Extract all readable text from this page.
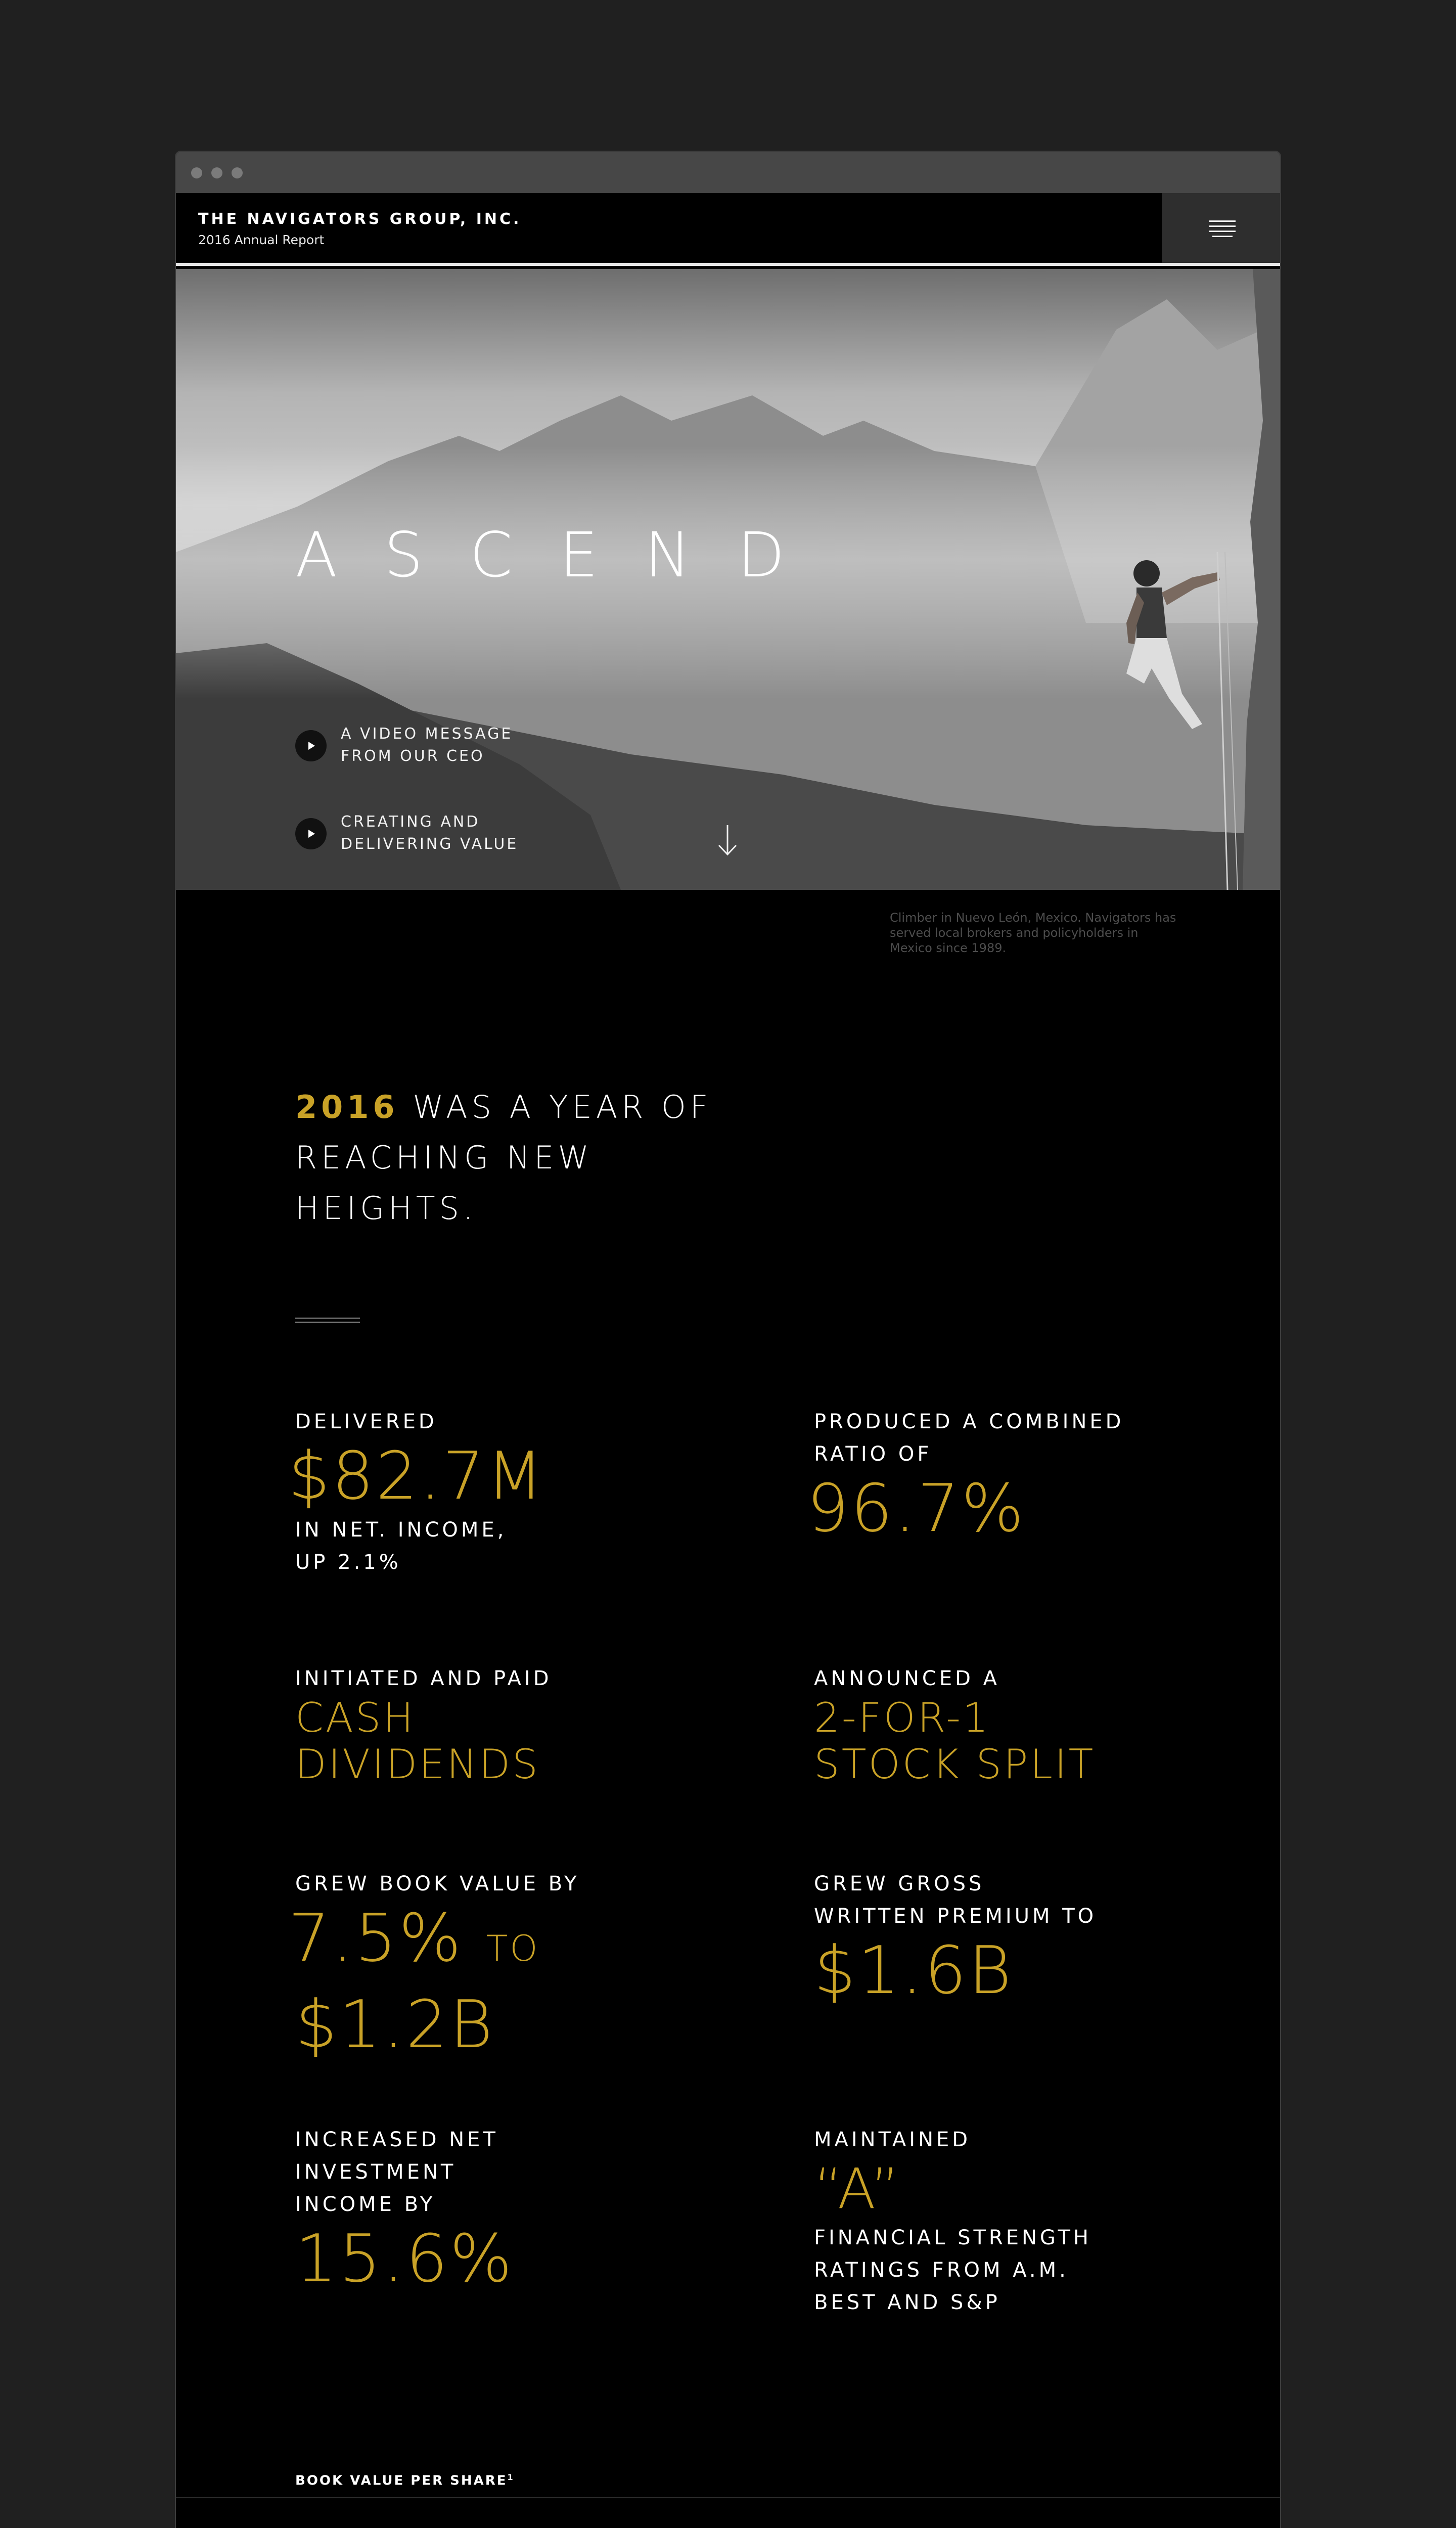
THE NAVIGATORS GROUP, INC.
2016 Annual Report
ASCEND
A VIDEO MESSAGE FROM OUR CEO
CREATING AND DELIVERING VALUE
Climber in Nuevo León, Mexico. Navigators has served local brokers and policyholders in Mexico since 1989.
2016 WAS A YEAR OF REACHING NEW HEIGHTS.
DELIVERED
$82.7M
IN NET. INCOME, UP 2.1%
PRODUCED A COMBINED RATIO OF
96.7%
INITIATED AND PAID
CASH DIVIDENDS
ANNOUNCED A
2-FOR-1 STOCK SPLIT
GREW BOOK VALUE BY
7.5% TO
$1.2B
GREW GROSS WRITTEN PREMIUM TO
$1.6B
INCREASED NET INVESTMENT INCOME BY
15.6%
MAINTAINED
“A”
FINANCIAL STRENGTH RATINGS FROM A.M. BEST AND S&P
BOOK VALUE PER SHARE$^1$
